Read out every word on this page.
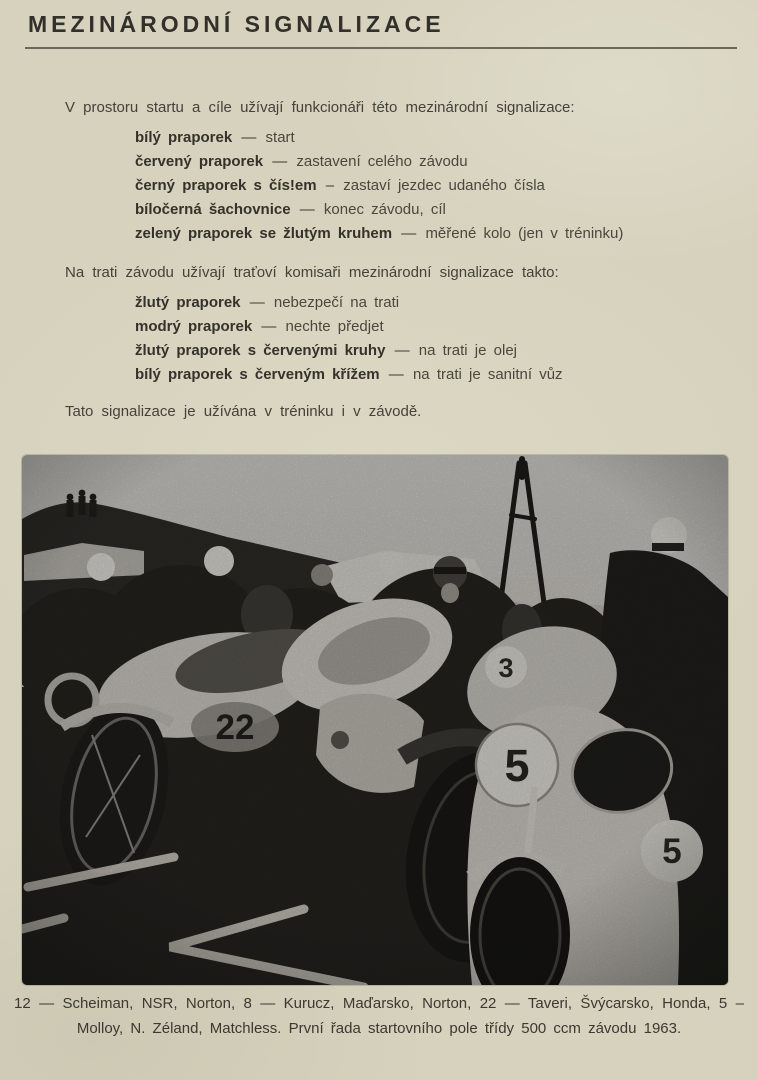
MEZINÁRODNÍ SIGNALIZACE

V prostoru startu a cíle užívají funkcionáři této mezinárodní signalizace:

bílý praporek — start
červený praporek — zastavení celého závodu
černý praporek s čís!em – zastaví jezdec udaného čísla
bíločerná šachovnice — konec závodu, cíl
zelený praporek se žlutým kruhem — měřené kolo (jen v tréninku)

Na trati závodu užívají traťoví komisaři mezinárodní signalizace takto:

žlutý praporek — nebezpečí na trati
modrý praporek — nechte předjet
žlutý praporek s červenými kruhy — na trati je olej
bílý praporek s červeným křížem — na trati je sanitní vůz

Tato signalizace je užívána v tréninku i v závodě.

12 — Scheiman, NSR, Norton, 8 — Kurucz, Maďarsko, Norton, 22 — Taveri, Švýcarsko, Honda, 5 – Molloy, N. Zéland, Matchless. První řada startovního pole třídy 500 ccm závodu 1963.
